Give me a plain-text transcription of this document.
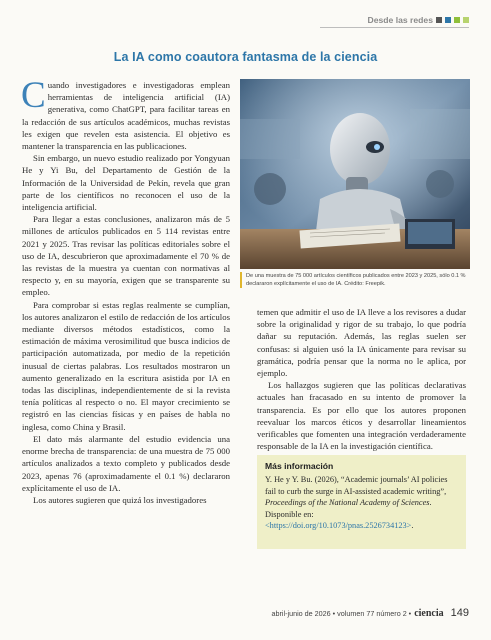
Desde las redes
La IA como coautora fantasma de la ciencia

Cuando investigadores e investigadoras emplean herramientas de inteligencia artificial (IA) generativa, como ChatGPT, para facilitar tareas en la redacción de sus artículos académicos, muchas revistas les exigen que revelen esta asistencia. El objetivo es mantener la transparencia en las publicaciones.

Sin embargo, un nuevo estudio realizado por Yongyuan He y Yi Bu, del Departamento de Gestión de la Información de la Universidad de Pekín, revela que gran parte de los científicos no reconocen el uso de la inteligencia artificial.

Para llegar a estas conclusiones, analizaron más de 5 millones de artículos publicados en 5 114 revistas entre 2021 y 2025. Tras revisar las políticas editoriales sobre el uso de IA, descubrieron que aproximadamente el 70 % de las revistas de la muestra ya cuentan con normativas al respecto y, en su mayoría, exigen que se transparente su empleo.

Para comprobar si estas reglas realmente se cumplían, los autores analizaron el estilo de redacción de los artículos mediante diversos métodos estadísticos, como la estimación de máxima verosimilitud que busca indicios de participación automatizada, por medio de la repetición inusual de ciertas palabras. Los resultados mostraron un aumento generalizado en la escritura asistida por IA en todas las disciplinas, independientemente de si la revista tenía políticas al respecto o no. El mayor crecimiento se registró en las ciencias físicas y en países de habla no inglesa, como China y Brasil.

El dato más alarmante del estudio evidencia una enorme brecha de transparencia: de una muestra de 75 000 artículos analizados a texto completo y publicados desde 2023, apenas 76 (aproximadamente el 0.1 %) declararon explícitamente el uso de IA.

Los autores sugieren que quizá los investigadores

De una muestra de 75 000 artículos científicos publicados entre 2023 y 2025, sólo 0.1 % declararon explícitamente el uso de IA. Crédito: Freepik.

temen que admitir el uso de IA lleve a los revisores a dudar sobre la originalidad y rigor de su trabajo, lo que podría dañar su reputación. Además, las reglas suelen ser confusas: si alguien usó la IA únicamente para revisar su gramática, podría pensar que la norma no le aplica, por ejemplo.

Los hallazgos sugieren que las políticas declarativas actuales han fracasado en su intento de promover la transparencia. Es por ello que los autores proponen reevaluar los marcos éticos y desarrollar lineamientos verificables que fomenten una integración verdaderamente responsable de la IA en la investigación científica.

Más información
Y. He y Y. Bu. (2026), “Academic journals’ AI policies fail to curb the surge in AI-assisted academic writing”, Proceedings of the National Academy of Sciences. Disponible en: <https://doi.org/10.1073/pnas.2526734123>.
abril-junio de 2026 • volumen 77 número 2 • ciencia 149
